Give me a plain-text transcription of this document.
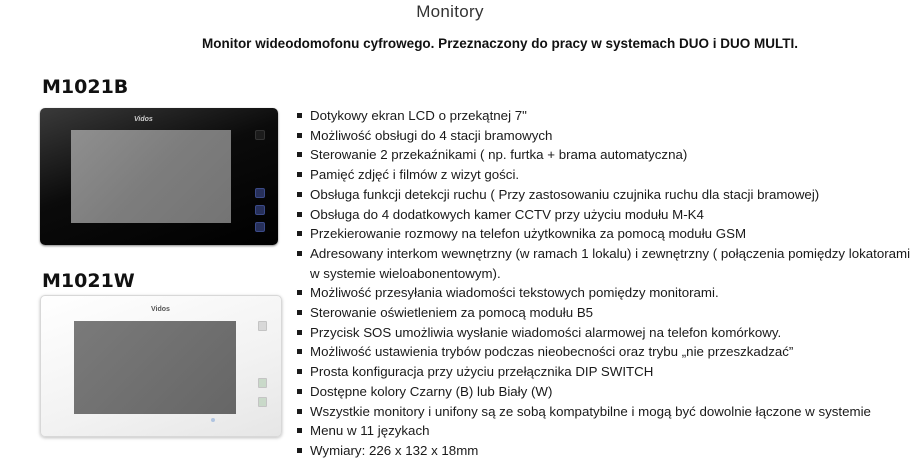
Monitory
Monitor wideodomofonu cyfrowego. Przeznaczony do pracy w systemach DUO i DUO MULTI.
M1021B
Vidos
M1021W
Vidos
Dotykowy ekran LCD o przekątnej 7"
Możliwość obsługi do 4 stacji bramowych
Sterowanie 2 przekaźnikami ( np. furtka + brama automatyczna)
Pamięć zdjęć i filmów z wizyt gości.
Obsługa funkcji detekcji ruchu ( Przy zastosowaniu czujnika ruchu dla stacji bramowej)
Obsługa do 4 dodatkowych kamer CCTV przy użyciu modułu M-K4
Przekierowanie rozmowy na telefon użytkownika za pomocą modułu GSM
Adresowany interkom wewnętrzny (w ramach 1 lokalu) i zewnętrzny ( połączenia pomiędzy lokatorami w systemie wieloabonentowym).
Możliwość przesyłania wiadomości tekstowych pomiędzy monitorami.
Sterowanie oświetleniem za pomocą modułu B5
Przycisk SOS umożliwia wysłanie wiadomości alarmowej na telefon komórkowy.
Możliwość ustawienia trybów podczas nieobecności oraz trybu „nie przeszkadzać”
Prosta konfiguracja przy użyciu przełącznika DIP SWITCH
Dostępne kolory Czarny (B) lub Biały (W)
Wszystkie monitory i unifony są ze sobą kompatybilne i mogą być dowolnie łączone w systemie
Menu w 11 językach
Wymiary: 226 x 132 x 18mm
